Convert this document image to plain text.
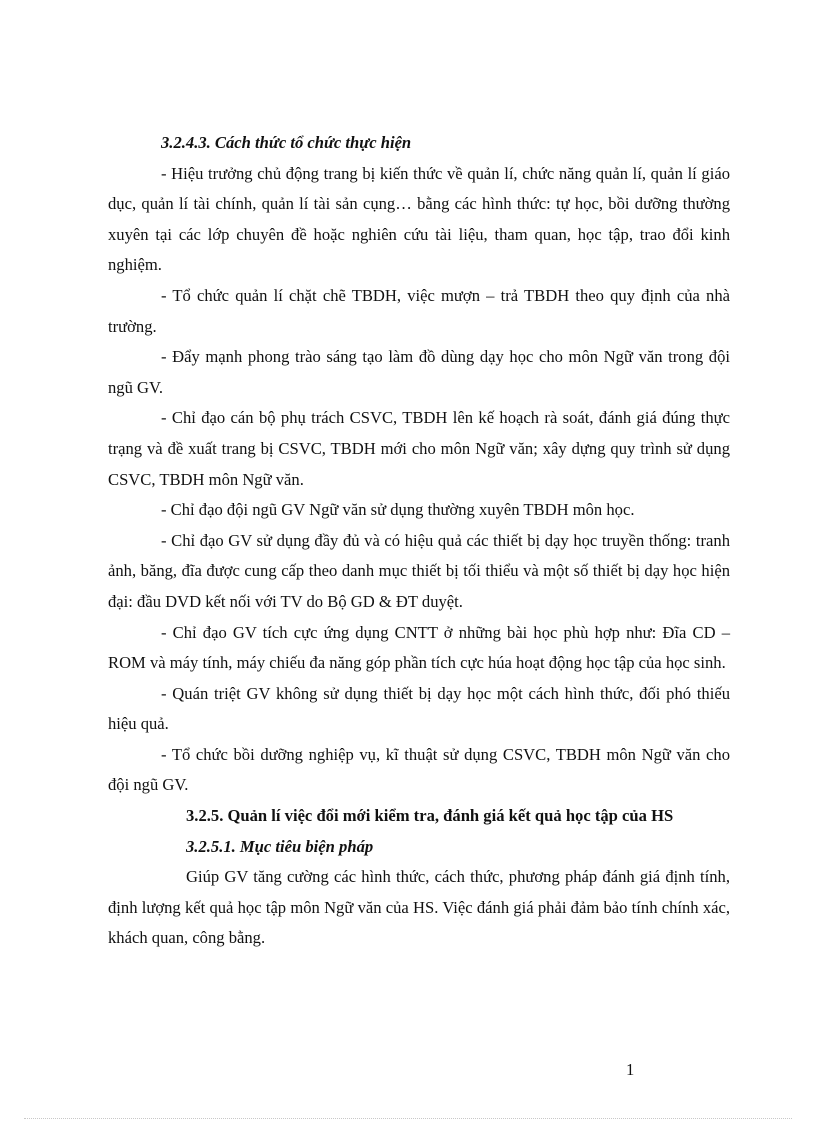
3.2.4.3. Cách thức tổ chức thực hiện

- Hiệu trưởng chủ động trang bị kiến thức về quản lí, chức năng quản lí, quản lí giáo dục, quản lí tài chính, quản lí tài sản cụng… bằng các hình thức: tự học, bồi dưỡng thường xuyên tại các lớp chuyên đề hoặc nghiên cứu tài liệu, tham quan, học tập, trao đổi kinh nghiệm.

- Tổ chức quản lí chặt chẽ TBDH, việc mượn – trả TBDH theo quy định của nhà trường.

- Đẩy mạnh phong trào sáng tạo làm đồ dùng dạy học cho môn Ngữ văn trong đội ngũ GV.

- Chỉ đạo cán bộ phụ trách CSVC, TBDH lên kế hoạch rà soát, đánh giá đúng thực trạng và đề xuất trang bị CSVC, TBDH mới cho môn Ngữ văn; xây dựng quy trình sử dụng CSVC, TBDH môn Ngữ văn.

- Chỉ đạo đội ngũ GV Ngữ văn sử dụng thường xuyên TBDH môn học.

- Chỉ đạo GV sử dụng đầy đủ và có hiệu quả các thiết bị dạy học truyền thống: tranh ảnh, băng, đĩa được cung cấp theo danh mục thiết bị tối thiểu và một số thiết bị dạy học hiện đại: đầu DVD kết nối với TV do Bộ GD & ĐT duyệt.

- Chỉ đạo GV tích cực ứng dụng CNTT ở những bài học phù hợp như: Đĩa CD – ROM và máy tính, máy chiếu đa năng góp phần tích cực húa hoạt động học tập của học sinh.

- Quán triệt GV không sử dụng thiết bị dạy học một cách hình thức, đối phó thiếu hiệu quả.

- Tổ chức bồi dưỡng nghiệp vụ, kĩ thuật sử dụng CSVC, TBDH môn Ngữ văn cho đội ngũ GV.

3.2.5. Quản lí việc đổi mới kiểm tra, đánh giá kết quả học tập của HS

3.2.5.1. Mục tiêu biện pháp

Giúp GV tăng cường các hình thức, cách thức, phương pháp đánh giá định tính, định lượng kết quả học tập môn Ngữ văn của HS. Việc đánh giá phải đảm bảo tính chính xác, khách quan, công bằng.

1
